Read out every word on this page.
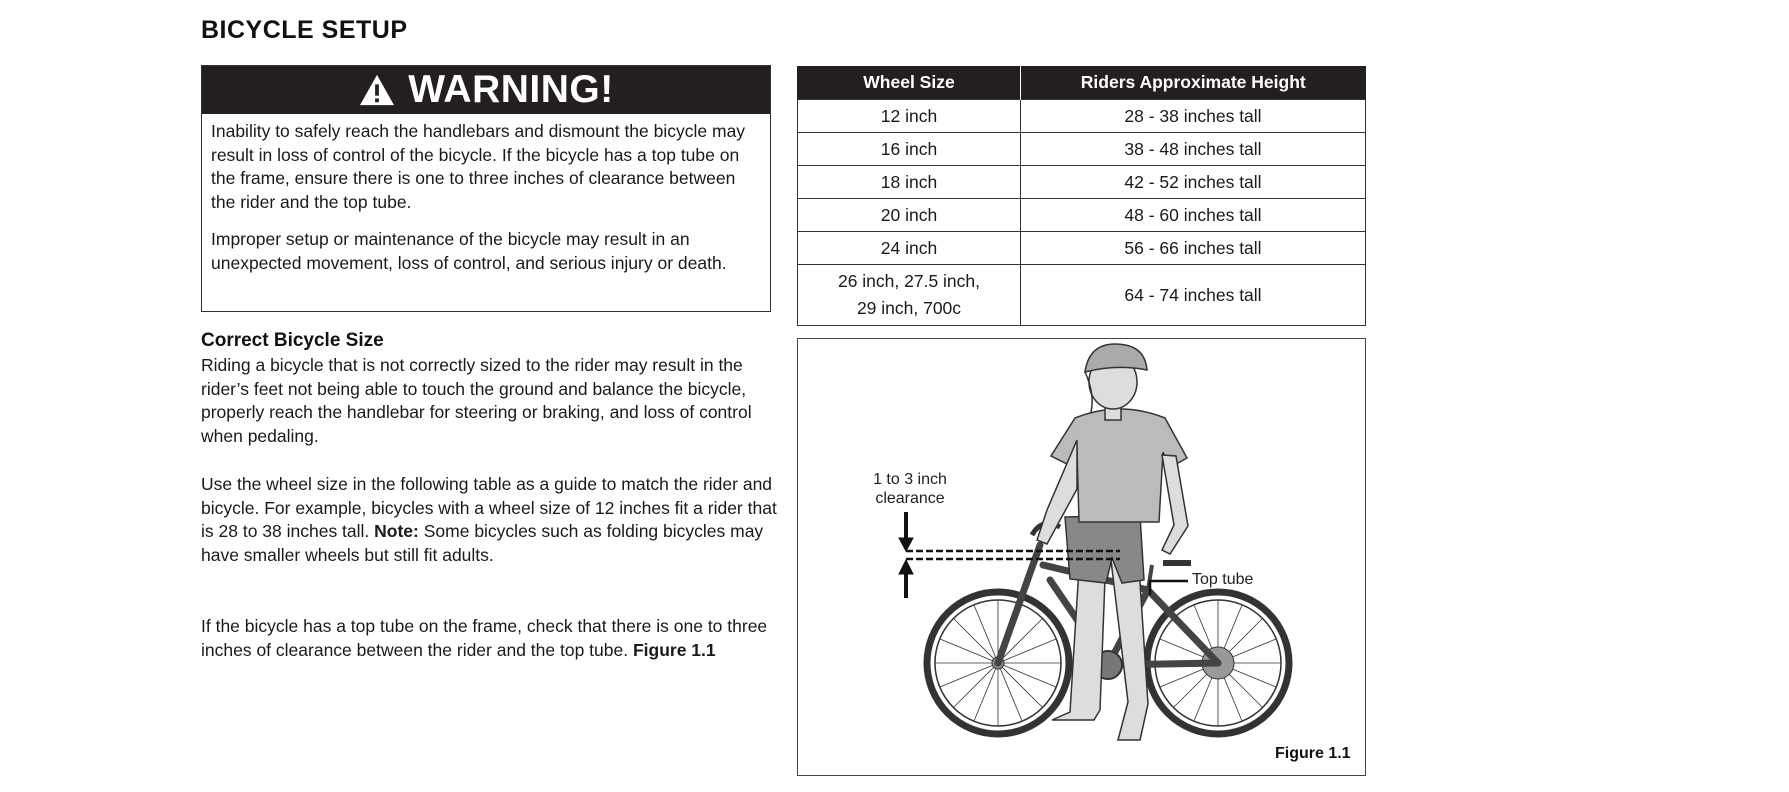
BICYCLE SETUP
WARNING!

Inability to safely reach the handlebars and dismount the bicycle may result in loss of control of the bicycle. If the bicycle has a top tube on the frame, ensure there is one to three inches of clearance between the rider and the top tube.

Improper setup or maintenance of the bicycle may result in an unexpected movement, loss of control, and serious injury or death.

Correct Bicycle Size

Riding a bicycle that is not correctly sized to the rider may result in the rider’s feet not being able to touch the ground and balance the bicycle, properly reach the handlebar for steering or braking, and loss of control when pedaling.

Use the wheel size in the following table as a guide to match the rider and bicycle. For example, bicycles with a wheel size of 12 inches fit a rider that is 28 to 38 inches tall. Note: Some bicycles such as folding bicycles may have smaller wheels but still fit adults.

If the bicycle has a top tube on the frame, check that there is one to three inches of clearance between the rider and the top tube. Figure 1.1

Wheel Size	Riders Approximate Height
12 inch	28 - 38 inches tall
16 inch	38 - 48 inches tall
18 inch	42 - 52 inches tall
20 inch	48 - 60 inches tall
24 inch	56 - 66 inches tall
26 inch, 27.5 inch,
29 inch, 700c	64 - 74 inches tall
1 to 3 inch
clearance
Top tube
Figure 1.1
